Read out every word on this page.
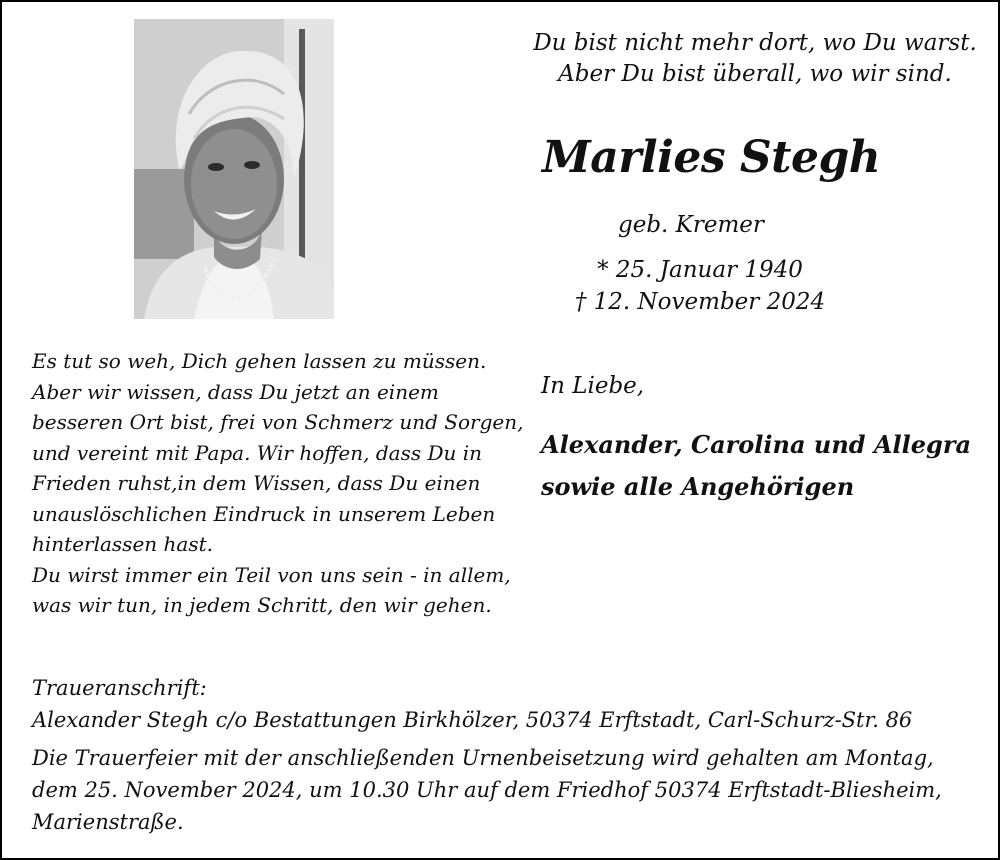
Du bist nicht mehr dort, wo Du warst.
Aber Du bist überall, wo wir sind.
Marlies Stegh
geb. Kremer
* 25. Januar 1940
† 12. November 2024
Es tut so weh, Dich gehen lassen zu müssen.
Aber wir wissen, dass Du jetzt an einem
besseren Ort bist, frei von Schmerz und Sorgen,
und vereint mit Papa. Wir hoffen, dass Du in
Frieden ruhst,in dem Wissen, dass Du einen
unauslöschlichen Eindruck in unserem Leben
hinterlassen hast.
Du wirst immer ein Teil von uns sein - in allem,
was wir tun, in jedem Schritt, den wir gehen.
In Liebe,
Alexander, Carolina und Allegra
sowie alle Angehörigen
Traueranschrift:
Alexander Stegh c/o Bestattungen Birkhölzer, 50374 Erftstadt, Carl-Schurz-Str. 86
Die Trauerfeier mit der anschließenden Urnenbeisetzung wird gehalten am Montag,
dem 25. November 2024, um 10.30 Uhr auf dem Friedhof 50374 Erftstadt-Bliesheim,
Marienstraße.
